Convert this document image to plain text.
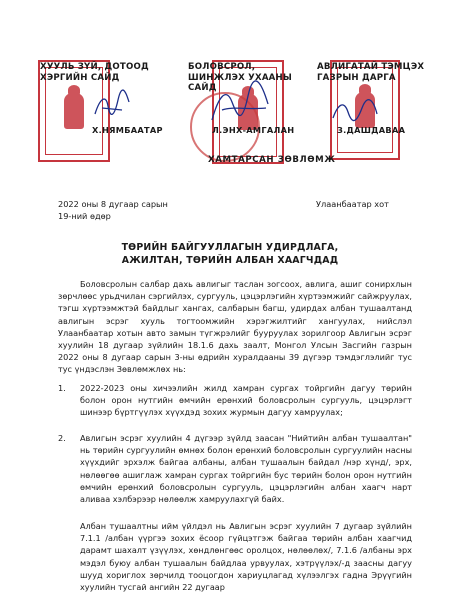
ХУУЛЬ ЗҮЙ, ДОТООД
ХЭРГИЙН САЙД
БОЛОВСРОЛ,
ШИНЖЛЭХ УХААНЫ
САЙД
АВЛИГАТАЙ ТЭМЦЭХ
ГАЗРЫН ДАРГА
Х.НЯМБААТАР	Л.ЭНХ-АМГАЛАН	З.ДАШДАВАА
ХАМТАРСАН ЗӨВЛӨМЖ
2022 оны 8 дугаар сарын
19-ний өдөр
Улаанбаатар хот
ТӨРИЙН БАЙГУУЛЛАГЫН УДИРДЛАГА,
АЖИЛТАН, ТӨРИЙН АЛБАН ХААГЧДАД

Боловсролын салбар дахь авлигыг таслан зогсоох, авлига, ашиг сонирхлын зөрчлөөс урьдчилан сэргийлэх, сургууль, цэцэрлэгийн хүртээмжийг сайжруулах, тэгш хүртээмжтэй байдлыг хангах, салбарын багш, удирдах албан тушаалтанд авлигын эсрэг хууль тогтоомжийн хэрэгжилтийг хангуулах, нийслэл Улаанбаатар хотын авто замын түгжрэлийг бууруулах зорилгоор Авлигын эсрэг хуулийн 18 дугаар зүйлийн 18.1.6 дахь заалт, Монгол Улсын Засгийн газрын 2022 оны 8 дугаар сарын 3-ны өдрийн хуралдааны 39 дүгээр тэмдэглэлийг тус тус үндэслэн Зөвлөмжлөх нь:

1. 2022-2023 оны хичээлийн жилд хамран сургах тойргийн дагуу төрийн болон орон нутгийн өмчийн ерөнхий боловсролын сургууль, цэцэрлэгт шинээр бүртгүүлэх хүүхдэд зохих журмын дагуу хамруулах;

2. Авлигын эсрэг хуулийн 4 дүгээр зүйлд заасан "Нийтийн албан тушаалтан" нь төрийн сургуулийн өмнөх болон ерөнхий боловсролын сургуулийн насны хүүхдийг эрхэлж байгаа албаны, албан тушаалын байдал /нэр хүнд/, эрх, нөлөөгөө ашиглаж хамран сургах тойргийн бус төрийн болон орон нутгийн өмчийн ерөнхий боловсролын сургууль, цэцэрлэгийн албан хаагч нарт аливаа хэлбэрээр нөлөөлж хамруулахгүй байх.

Албан тушаалтны ийм үйлдэл нь Авлигын эсрэг хуулийн 7 дугаар зүйлийн 7.1.1 /албан үүргээ зохих ёсоор гүйцэтгэж байгаа төрийн албан хаагчид дарамт шахалт үзүүлэх, хөндлөнгөөс оролцох, нөлөөлөх/, 7.1.6 /албаны эрх мэдэл буюу албан тушаалын байдлаа урвуулах, хэтрүүлэх/-д заасны дагуу шууд хориглох зөрчилд тооцогдон хариуцлагад хүлээлгэх гадна Эрүүгийн хуулийн тусгай ангийн 22 дугаар
